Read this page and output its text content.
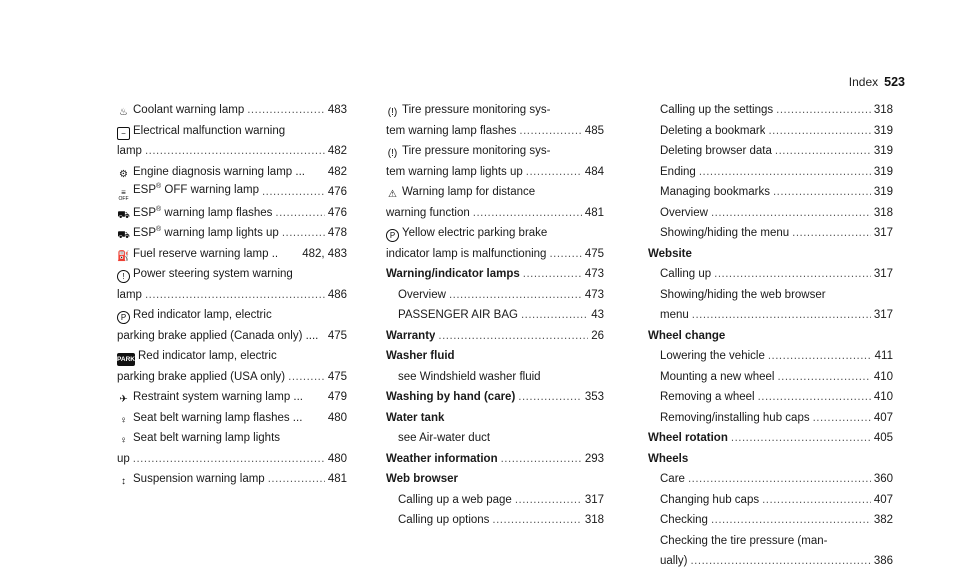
Index 523
♨ Coolant warning lamp .....	483
− Electrical malfunction warning
lamp .....	482
⚙ Engine diagnosis warning lamp ... 482
≡
OFF
ESP® OFF warning lamp .....	476
⛟ ESP® warning lamp flashes .....	476
⛟ ESP® warning lamp lights up .....	478
⛽ Fuel reserve warning lamp .. 482, 483
! Power steering system warning
lamp .....	486
P Red indicator lamp, electric
parking brake applied (Canada only) .... 475
PARK Red indicator lamp, electric
parking brake applied (USA only) .....	475
✈ Restraint system warning lamp ... 479
♀ Seat belt warning lamp flashes ... 480
♀ Seat belt warning lamp lights
up .....	480
↕ Suspension warning lamp .....	481
(!) Tire pressure monitoring sys-
tem warning lamp flashes .....	485
(!) Tire pressure monitoring sys-
tem warning lamp lights up .....	484
⚠ Warning lamp for distance
warning function .....	481
P Yellow electric parking brake
indicator lamp is malfunctioning .....	475
Warning/indicator lamps .....	473
Overview .....	473
PASSENGER AIR BAG .....	43
Warranty .....	26
Washer fluid
see Windshield washer fluid
Washing by hand (care) .....	353
Water tank
see Air-water duct
Weather information .....	293
Web browser
Calling up a web page .....	317
Calling up options .....	318
Calling up the settings .....	318
Deleting a bookmark .....	319
Deleting browser data .....	319
Ending .....	319
Managing bookmarks .....	319
Overview .....	318
Showing/hiding the menu .....	317
Website
Calling up .....	317
Showing/hiding the web browser
menu .....	317
Wheel change
Lowering the vehicle .....	411
Mounting a new wheel .....	410
Removing a wheel .....	410
Removing/installing hub caps .....	407
Wheel rotation .....	405
Wheels
Care .....	360
Changing hub caps .....	407
Checking .....	382
Checking the tire pressure (man-
ually) .....	386
